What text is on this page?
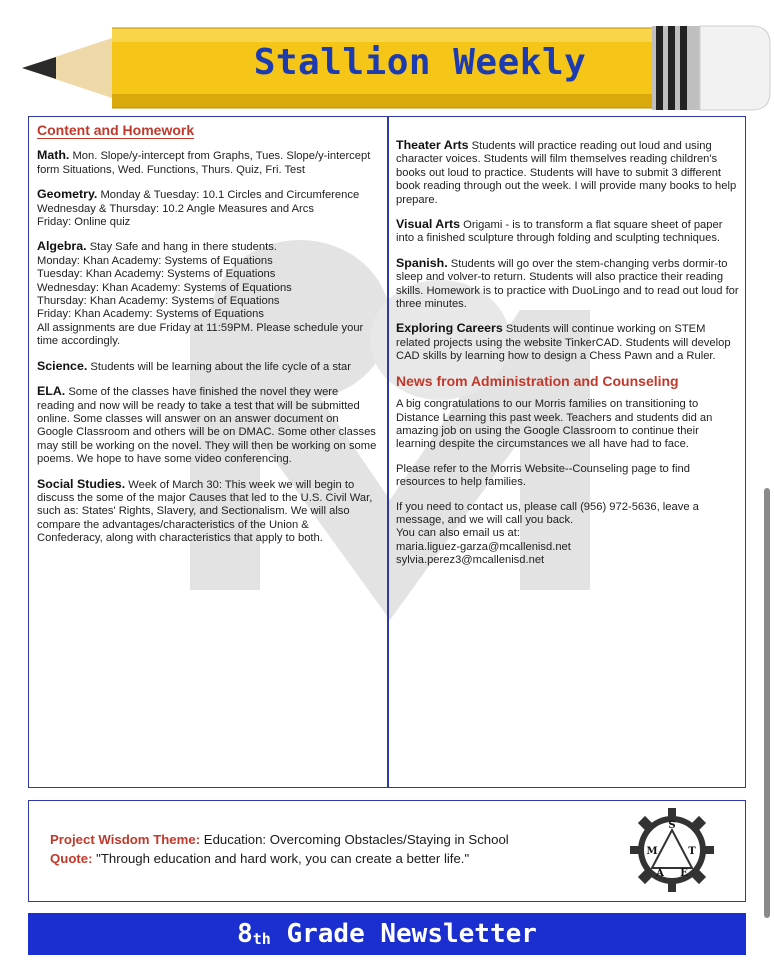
Stallion Weekly
Content and Homework
Math. Mon. Slope/y-intercept from Graphs, Tues. Slope/y-intercept form Situations, Wed. Functions, Thurs. Quiz, Fri. Test
Geometry. Monday & Tuesday: 10.1 Circles and Circumference
Wednesday & Thursday: 10.2 Angle Measures and Arcs
Friday: Online quiz
Algebra. Stay Safe and hang in there students.
Monday: Khan Academy: Systems of Equations
Tuesday: Khan Academy: Systems of Equations
Wednesday: Khan Academy: Systems of Equations
Thursday: Khan Academy: Systems of Equations
Friday: Khan Academy: Systems of Equations
All assignments are due Friday at 11:59PM. Please schedule your time accordingly.
Science. Students will be learning about the life cycle of a star
ELA. Some of the classes have finished the novel they were reading and now will be ready to take a test that will be submitted online. Some classes will answer on an answer document on Google Classroom and others will be on DMAC. Some other classes may still be working on the novel. They will then be working on some poems. We hope to have some video conferencing.
Social Studies. Week of March 30: This week we will begin to discuss the some of the major Causes that led to the U.S. Civil War, such as: States' Rights, Slavery, and Sectionalism. We will also compare the advantages/characteristics of the Union & Confederacy, along with characteristics that apply to both.
Theater Arts Students will practice reading out loud and using character voices. Students will film themselves reading children's books out loud to practice. Students will have to submit 3 different book reading through out the week. I will provide many books to help prepare.
Visual Arts Origami - is to transform a flat square sheet of paper into a finished sculpture through folding and sculpting techniques.
Spanish. Students will go over the stem-changing verbs dormir-to sleep and volver-to return. Students will also practice their reading skills. Homework is to practice with DuoLingo and to read out loud for three minutes.
Exploring Careers Students will continue working on STEM related projects using the website TinkerCAD. Students will develop CAD skills by learning how to design a Chess Pawn and a Ruler.
News from Administration and Counseling
A big congratulations to our Morris families on transitioning to Distance Learning this past week. Teachers and students did an amazing job on using the Google Classroom to continue their learning despite the circumstances we all have had to face.
Please refer to the Morris Website--Counseling page to find resources to help families.
If you need to contact us, please call (956) 972-5636, leave a message, and we will call you back.
You can also email us at:
maria.liguez-garza@mcallenisd.net
sylvia.perez3@mcallenisd.net
Project Wisdom Theme: Education: Overcoming Obstacles/Staying in School
Quote: "Through education and hard work, you can create a better life."
S
M	T
A E
8th Grade Newsletter
